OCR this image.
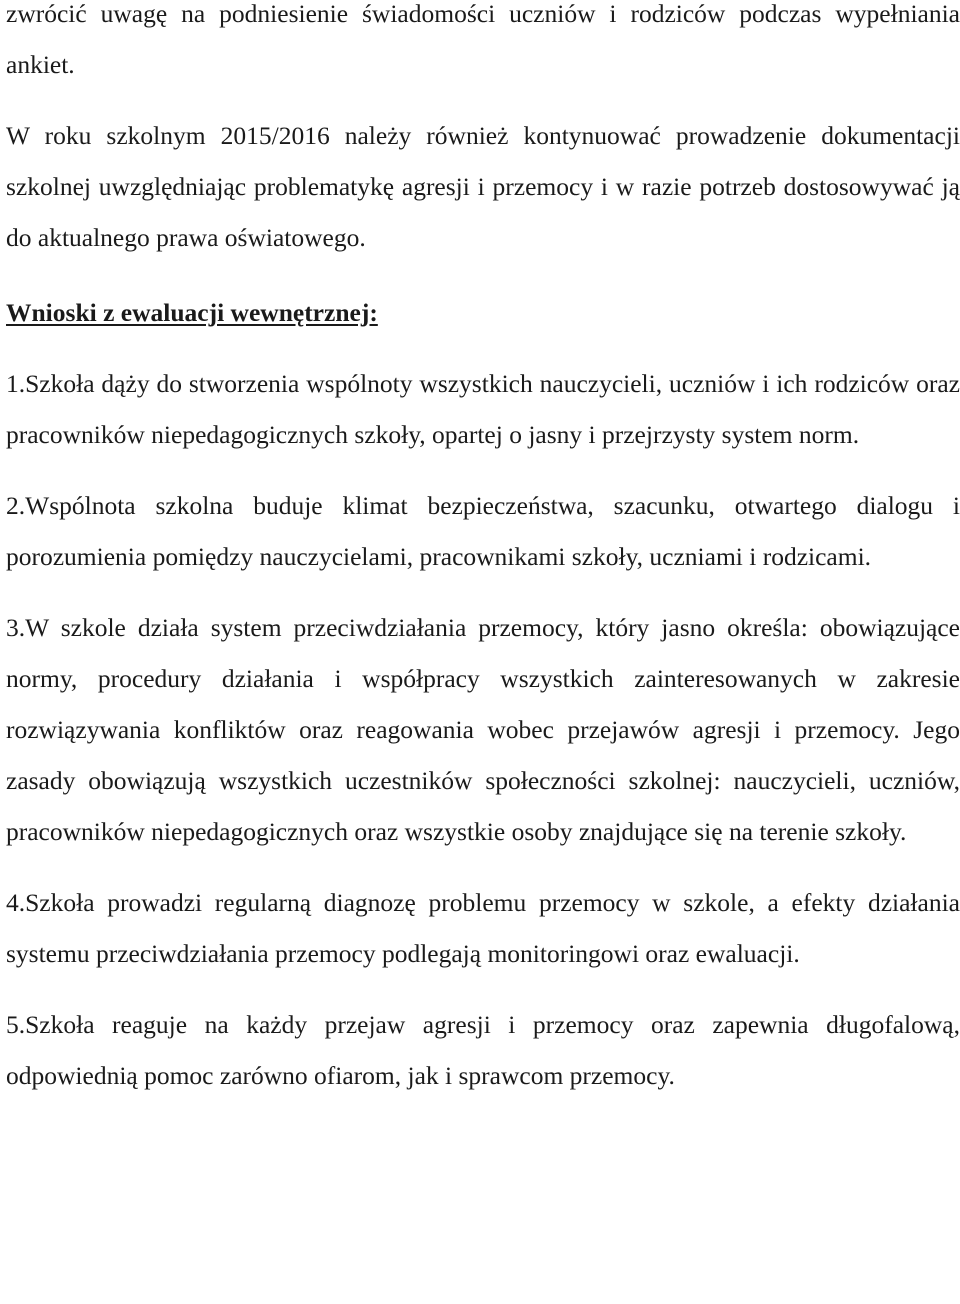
zwrócić uwagę na podniesienie świadomości uczniów i rodziców podczas wypełniania ankiet.

W roku szkolnym 2015/2016 należy również kontynuować prowadzenie dokumentacji szkolnej uwzględniając problematykę agresji i przemocy i w razie potrzeb dostosowywać ją do aktualnego prawa oświatowego.

Wnioski z ewaluacji wewnętrznej:

1.Szkoła dąży do stworzenia wspólnoty wszystkich nauczycieli, uczniów i ich rodziców oraz pracowników niepedagogicznych szkoły, opartej o jasny i przejrzysty system norm.

2.Wspólnota szkolna buduje klimat bezpieczeństwa, szacunku, otwartego dialogu i porozumienia pomiędzy nauczycielami, pracownikami szkoły, uczniami i rodzicami.

3.W szkole działa system przeciwdziałania przemocy, który jasno określa: obowiązujące normy, procedury działania i współpracy wszystkich zainteresowanych w zakresie rozwiązywania konfliktów oraz reagowania wobec przejawów agresji i przemocy. Jego zasady obowiązują wszystkich uczestników społeczności szkolnej: nauczycieli, uczniów, pracowników niepedagogicznych oraz wszystkie osoby znajdujące się na terenie szkoły.

4.Szkoła prowadzi regularną diagnozę problemu przemocy w szkole, a efekty działania systemu przeciwdziałania przemocy podlegają monitoringowi oraz ewaluacji.

5.Szkoła reaguje na każdy przejaw agresji i przemocy oraz zapewnia długofalową, odpowiednią pomoc zarówno ofiarom, jak i sprawcom przemocy.
